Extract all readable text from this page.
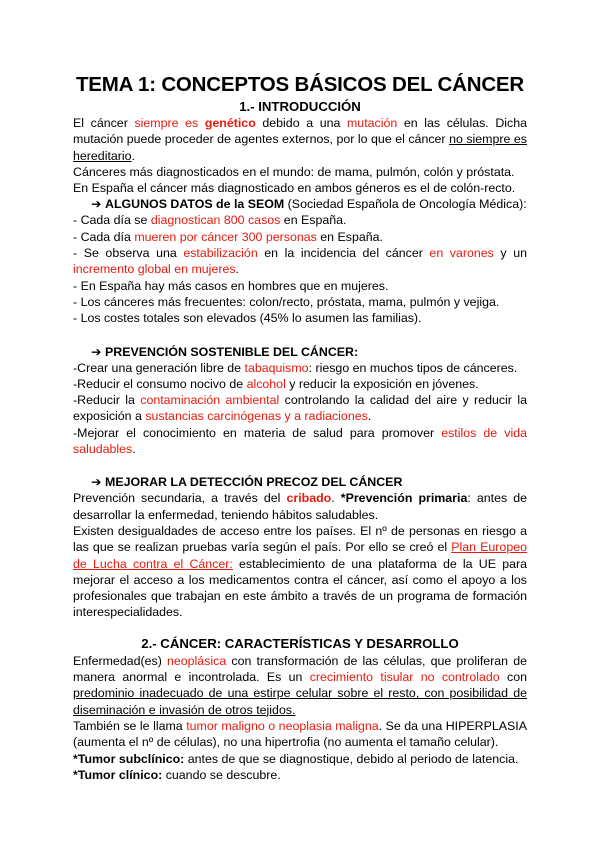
TEMA 1: CONCEPTOS BÁSICOS DEL CÁNCER
1.- INTRODUCCIÓN

El cáncer siempre es genético debido a una mutación en las células. Dicha mutación puede proceder de agentes externos, por lo que el cáncer no siempre es hereditario.

Cánceres más diagnosticados en el mundo: de mama, pulmón, colón y próstata.

En España el cáncer más diagnosticado en ambos géneros es el de colón-recto.

➔ ALGUNOS DATOS de la SEOM (Sociedad Española de Oncología Médica):

- Cada día se diagnostican 800 casos en España.

- Cada día mueren por cáncer 300 personas en España.

- Se observa una estabilización en la incidencia del cáncer en varones y un incremento global en mujeres.

- En España hay más casos en hombres que en mujeres.

- Los cánceres más frecuentes: colon/recto, próstata, mama, pulmón y vejiga.

- Los costes totales son elevados (45% lo asumen las familias).

➔ PREVENCIÓN SOSTENIBLE DEL CÁNCER:

-Crear una generación libre de tabaquismo: riesgo en muchos tipos de cánceres.

-Reducir el consumo nocivo de alcohol y reducir la exposición en jóvenes.

-Reducir la contaminación ambiental controlando la calidad del aire y reducir la exposición a sustancias carcinógenas y a radiaciones.

-Mejorar el conocimiento en materia de salud para promover estilos de vida saludables.

➔ MEJORAR LA DETECCIÓN PRECOZ DEL CÁNCER

Prevención secundaria, a través del cribado. *Prevención primaria: antes de desarrollar la enfermedad, teniendo hábitos saludables.

Existen desigualdades de acceso entre los países. El nº de personas en riesgo a las que se realizan pruebas varía según el país. Por ello se creó el Plan Europeo de Lucha contra el Cáncer: establecimiento de una plataforma de la UE para mejorar el acceso a los medicamentos contra el cáncer, así como el apoyo a los profesionales que trabajan en este ámbito a través de un programa de formación interespecialidades.

2.- CÁNCER: CARACTERÍSTICAS Y DESARROLLO

Enfermedad(es) neoplásica con transformación de las células, que proliferan de manera anormal e incontrolada. Es un crecimiento tisular no controlado con predominio inadecuado de una estirpe celular sobre el resto, con posibilidad de diseminación e invasión de otros tejidos.

También se le llama tumor maligno o neoplasia maligna. Se da una HIPERPLASIA (aumenta el nº de células), no una hipertrofia (no aumenta el tamaño celular).

*Tumor subclínico: antes de que se diagnostique, debido al periodo de latencia.

*Tumor clínico: cuando se descubre.
